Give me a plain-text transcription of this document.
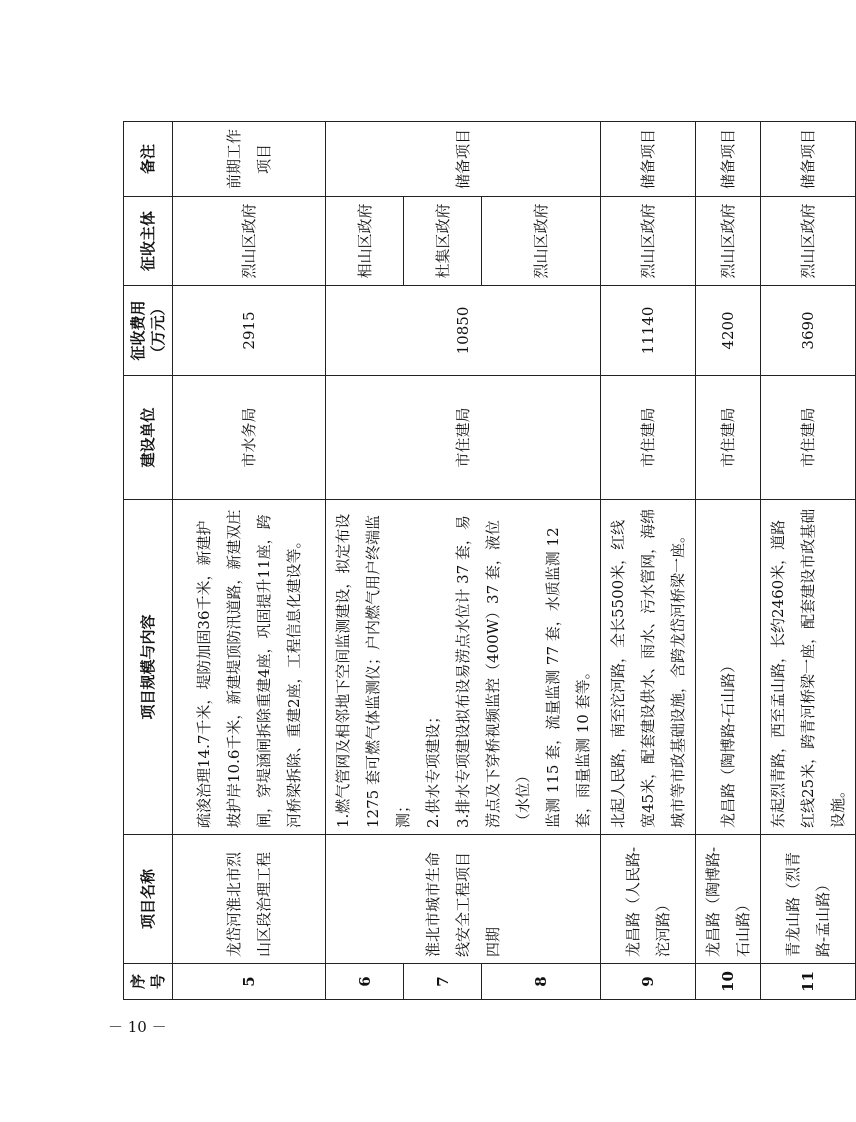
序号	项目名称	项目规模与内容	建设单位	征收费用（万元）	征收主体	备注
5	龙岱河淮北市烈山区段治理工程	疏浚治理14.7千米，堤防加固36千米，新建护坡护岸10.6千米，新建堤顶防汛道路，新建双庄闸，穿堤涵闸拆除重建4座，巩固提升11座，跨河桥梁拆除、重建2座，工程信息化建设等。	市水务局	2915	烈山区政府	前期工作项目
6	淮北市城市生命线安全工程项目四期	1.燃气管网及相邻地下空间监测建设，拟定布设1275 套可燃气体监测仪；户内燃气用户终端监测； 2.供水专项建设； 3.排水专项建设拟布设易涝点水位计 37 套，易涝点及下穿桥视频监控（400W）37 套，液位（水位） 监测 115 套，流量监测 77 套，水质监测 12 套，雨量监测 10 套等。	市住建局	10850	相山区政府	储备项目
7					杜集区政府	
8					烈山区政府	
9	龙昌路（人民路-沱河路）	北起人民路，南至沱河路，全长5500米，红线宽45米，配套建设供水、雨水、污水管网，海绵城市等市政基础设施，含跨龙岱河桥梁一座。	市住建局	11140	烈山区政府	储备项目
10	龙昌路（陶博路-石山路）	龙昌路（陶博路-石山路）	市住建局	4200	烈山区政府	储备项目
11	青龙山路（烈青路-孟山路）	东起烈青路，西至孟山路，长约2460米，道路红线25米，跨青河桥梁一座，配套建设市政基础设施。	市住建局	3690	烈山区政府	储备项目
－ 10 －
